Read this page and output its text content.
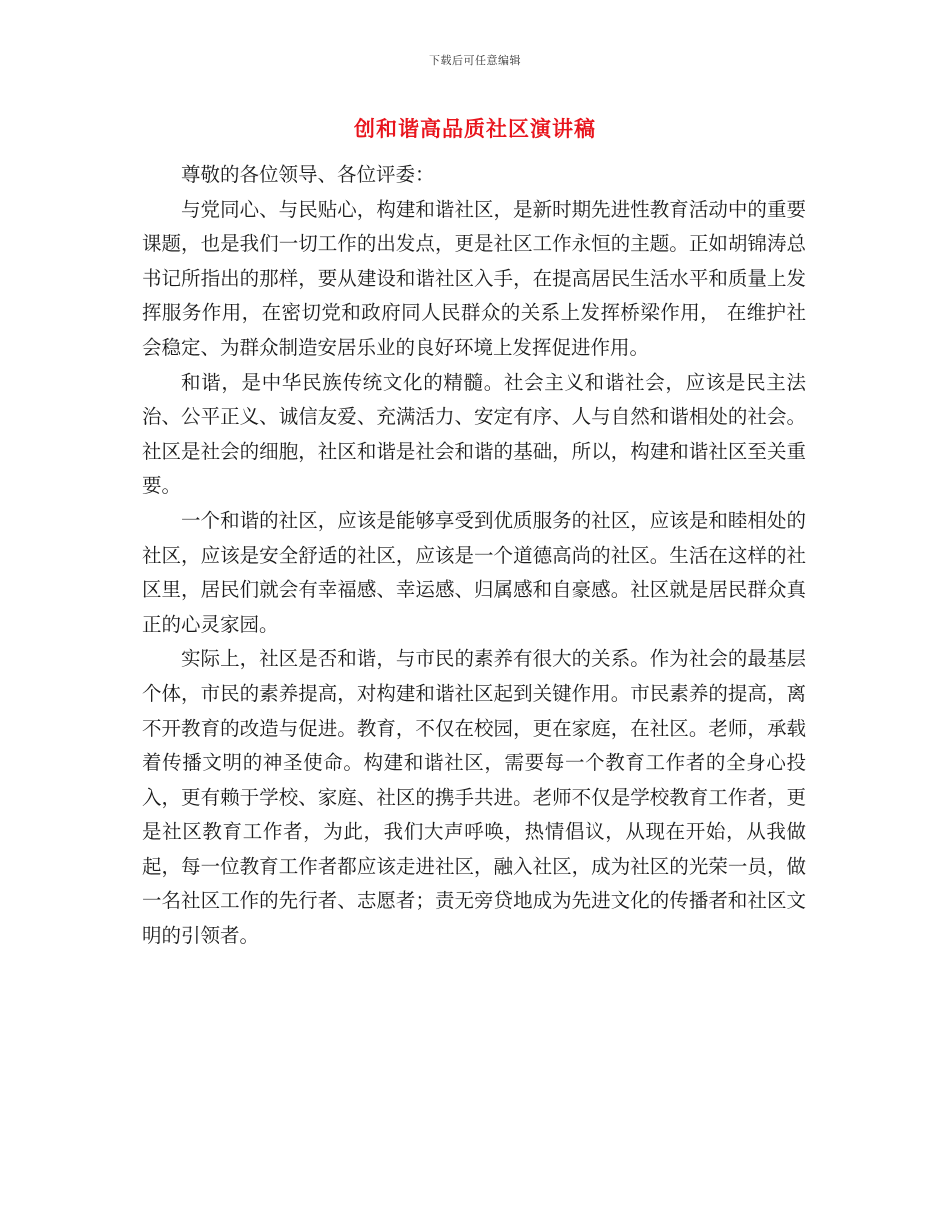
下载后可任意编辑
创和谐高品质社区演讲稿

尊敬的各位领导、各位评委：

与党同心、与民贴心，构建和谐社区，是新时期先进性教育活动中的重要课题，也是我们一切工作的出发点，更是社区工作永恒的主题。正如胡锦涛总书记所指出的那样，要从建设和谐社区入手，在提高居民生活水平和质量上发挥服务作用，在密切党和政府同人民群众的关系上发挥桥梁作用， 在维护社会稳定、为群众制造安居乐业的良好环境上发挥促进作用。

和谐，是中华民族传统文化的精髓。社会主义和谐社会，应该是民主法治、公平正义、诚信友爱、充满活力、安定有序、人与自然和谐相处的社会。社区是社会的细胞，社区和谐是社会和谐的基础，所以，构建和谐社区至关重要。

一个和谐的社区，应该是能够享受到优质服务的社区，应该是和睦相处的社区，应该是安全舒适的社区，应该是一个道德高尚的社区。生活在这样的社区里，居民们就会有幸福感、幸运感、归属感和自豪感。社区就是居民群众真正的心灵家园。

实际上，社区是否和谐，与市民的素养有很大的关系。作为社会的最基层个体，市民的素养提高，对构建和谐社区起到关键作用。市民素养的提高，离不开教育的改造与促进。教育，不仅在校园，更在家庭，在社区。老师，承载着传播文明的神圣使命。构建和谐社区，需要每一个教育工作者的全身心投入，更有赖于学校、家庭、社区的携手共进。老师不仅是学校教育工作者，更是社区教育工作者，为此，我们大声呼唤，热情倡议，从现在开始，从我做起，每一位教育工作者都应该走进社区，融入社区，成为社区的光荣一员，做一名社区工作的先行者、志愿者；责无旁贷地成为先进文化的传播者和社区文明的引领者。
